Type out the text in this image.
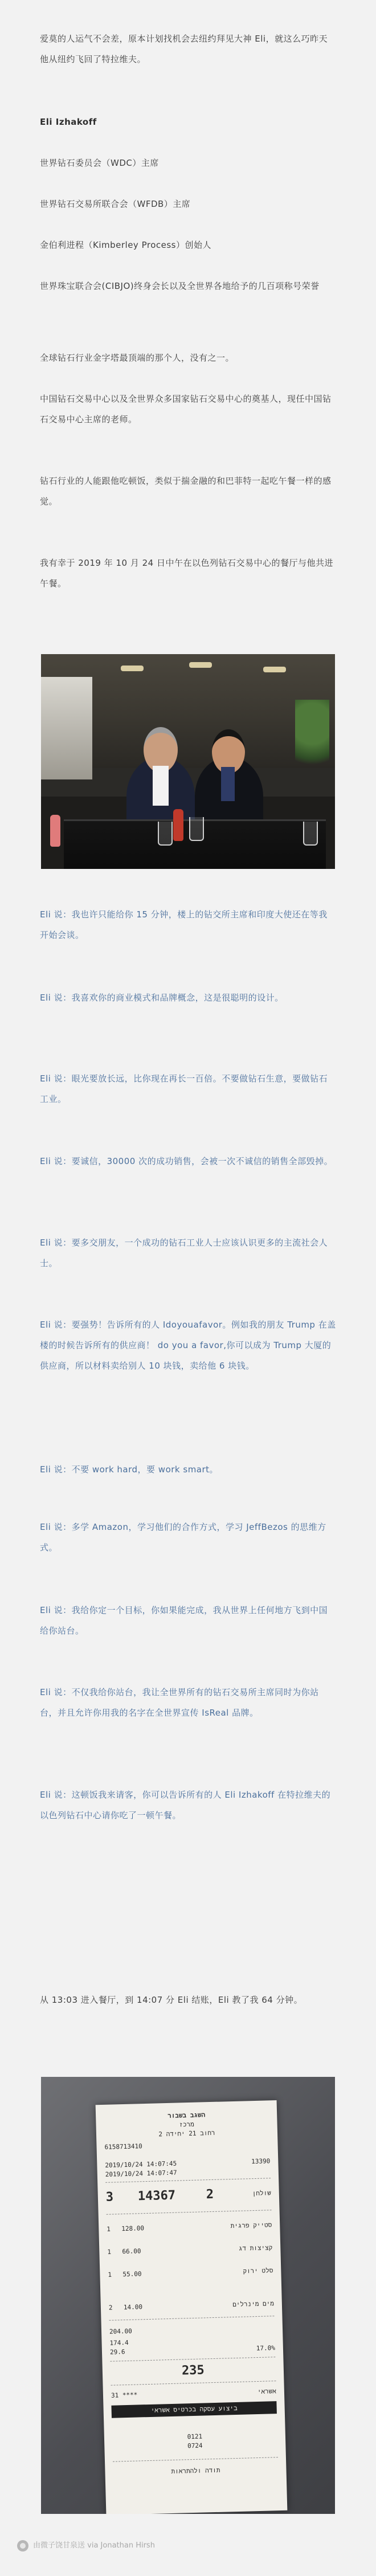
爱莫的人运气不会差，原本计划找机会去纽约拜见大神 Eli，就这么巧昨天他从纽约飞回了特拉维夫。

Eli Izhakoff

世界钻石委员会（WDC）主席

世界钻石交易所联合会（WFDB）主席

金伯利进程（Kimberley Process）创始人

世界珠宝联合会(CIBJO)终身会长以及全世界各地给予的几百项称号荣誉

全球钻石行业金字塔最顶端的那个人，没有之一。

中国钻石交易中心以及全世界众多国家钻石交易中心的奠基人，现任中国钻石交易中心主席的老师。

钻石行业的人能跟他吃顿饭，类似于揣金融的和巴菲特一起吃午餐一样的感觉。

我有幸于 2019 年 10 月 24 日中午在以色列钻石交易中心的餐厅与他共进午餐。

Eli 说：我也许只能给你 15 分钟，楼上的钻交所主席和印度大使还在等我开始会谈。

Eli 说：我喜欢你的商业模式和品牌概念，这是很聪明的设计。

Eli 说：眼光要放长远，比你现在再长一百倍。不要做钻石生意，要做钻石工业。

Eli 说：要诚信，30000 次的成功销售，会被一次不诚信的销售全部毁掉。

Eli 说：要多交朋友，一个成功的钻石工业人士应该认识更多的主流社会人士。

Eli 说：要强势！告诉所有的人 Idoyouafavor。例如我的朋友 Trump 在盖楼的时候告诉所有的供应商！ do you a favor,你可以成为 Trump 大厦的供应商，所以材料卖给别人 10 块钱，卖给他 6 块钱。

Eli 说：不要 work hard，要 work smart。

Eli 说：多学 Amazon，学习他们的合作方式，学习 JeffBezos 的思维方式。

Eli 说：我给你定一个目标，你如果能完成，我从世界上任何地方飞到中国给你站台。

Eli 说：不仅我给你站台，我让全世界所有的钻石交易所主席同时为你站台，并且允许你用我的名字在全世界宣传 IsReal 品牌。

Eli 说：这顿饭我来请客，你可以告诉所有的人 Eli Izhakoff 在特拉维夫的以色列钻石中心请你吃了一顿午餐。

从 13:03 进入餐厅，到 14:07 分 Eli 结账，Eli 教了我 64 分钟。

השגב בשבור
מרכז
רחוב 21 יחידה 2
6158713410
2019/10/24 14:07:45
2019/10/24 14:07:47
13390
3	14367	2	שולחן
1	128.00	סטייק פרגית
1	66.00	קציצות דג
1	55.00	סלט ירוק
2	14.00	מים מינרלים
204.00
174.4
29.6	17.0%
235
31 ****	אשראי
ביצוע עסקה בכרטיס אשראי
0121
0724
תודה ולהתראות
由微子饶甘泉送 via Jonathan Hirsh
